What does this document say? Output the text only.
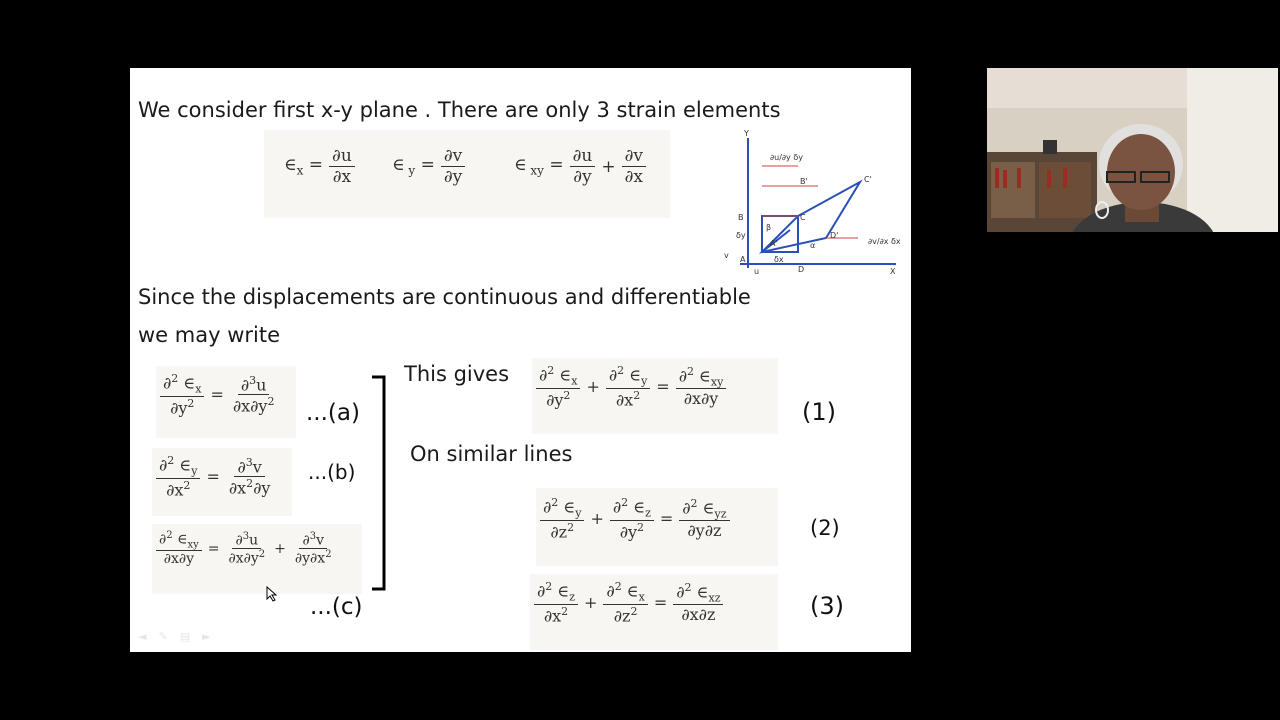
We consider first x-y plane . There are only 3 strain elements
$\in_x = \frac{\partial u}{\partial x}$ ∈ $_y = \frac{\partial v}{\partial y}$	∈ $_{xy} = \frac{\partial u}{\partial y} + \frac{\partial v}{\partial x}$
Y
X
A
B	C
D
B'	C'
D'
u
v
δy
δx
β
α
∂u/∂y δy
∂v/∂x δx
A'
Since the displacements are continuous and differentiable
we may write
$\frac{\partial^2 \in_x}{\partial y^2} = \frac{\partial^3u}{\partial x\partial y^2} ...(a)$
$\frac{\partial^2 \in_y}{\partial x^2} = \frac{\partial^3v}{\partial x^2\partial y} ...(b)$
$\frac{\partial^2 \in_{xy}}{\partial x\partial y} = \frac{\partial^3u}{\partial x\partial y^2} + \frac{\partial^3v}{\partial y\partial x^2}$
...(c)
This gives
On similar lines
$\frac{\partial^2 \in_x}{\partial y^2} + \frac{\partial^2 \in_y}{\partial x^2} = \frac{\partial^2 \in_{xy}}{\partial x\partial y}$
(1)
$\frac{\partial^2 \in_y}{\partial z^2} + \frac{\partial^2 \in_z}{\partial y^2} = \frac{\partial^2 \in_{yz}}{\partial y\partial z}$	(2)
$\frac{\partial^2 \in_z}{\partial x^2} + \frac{\partial^2 \in_x}{\partial z^2} = \frac{\partial^2 \in_{xz}}{\partial x\partial z}$	(3)
◄ ✎ ▤ ►
